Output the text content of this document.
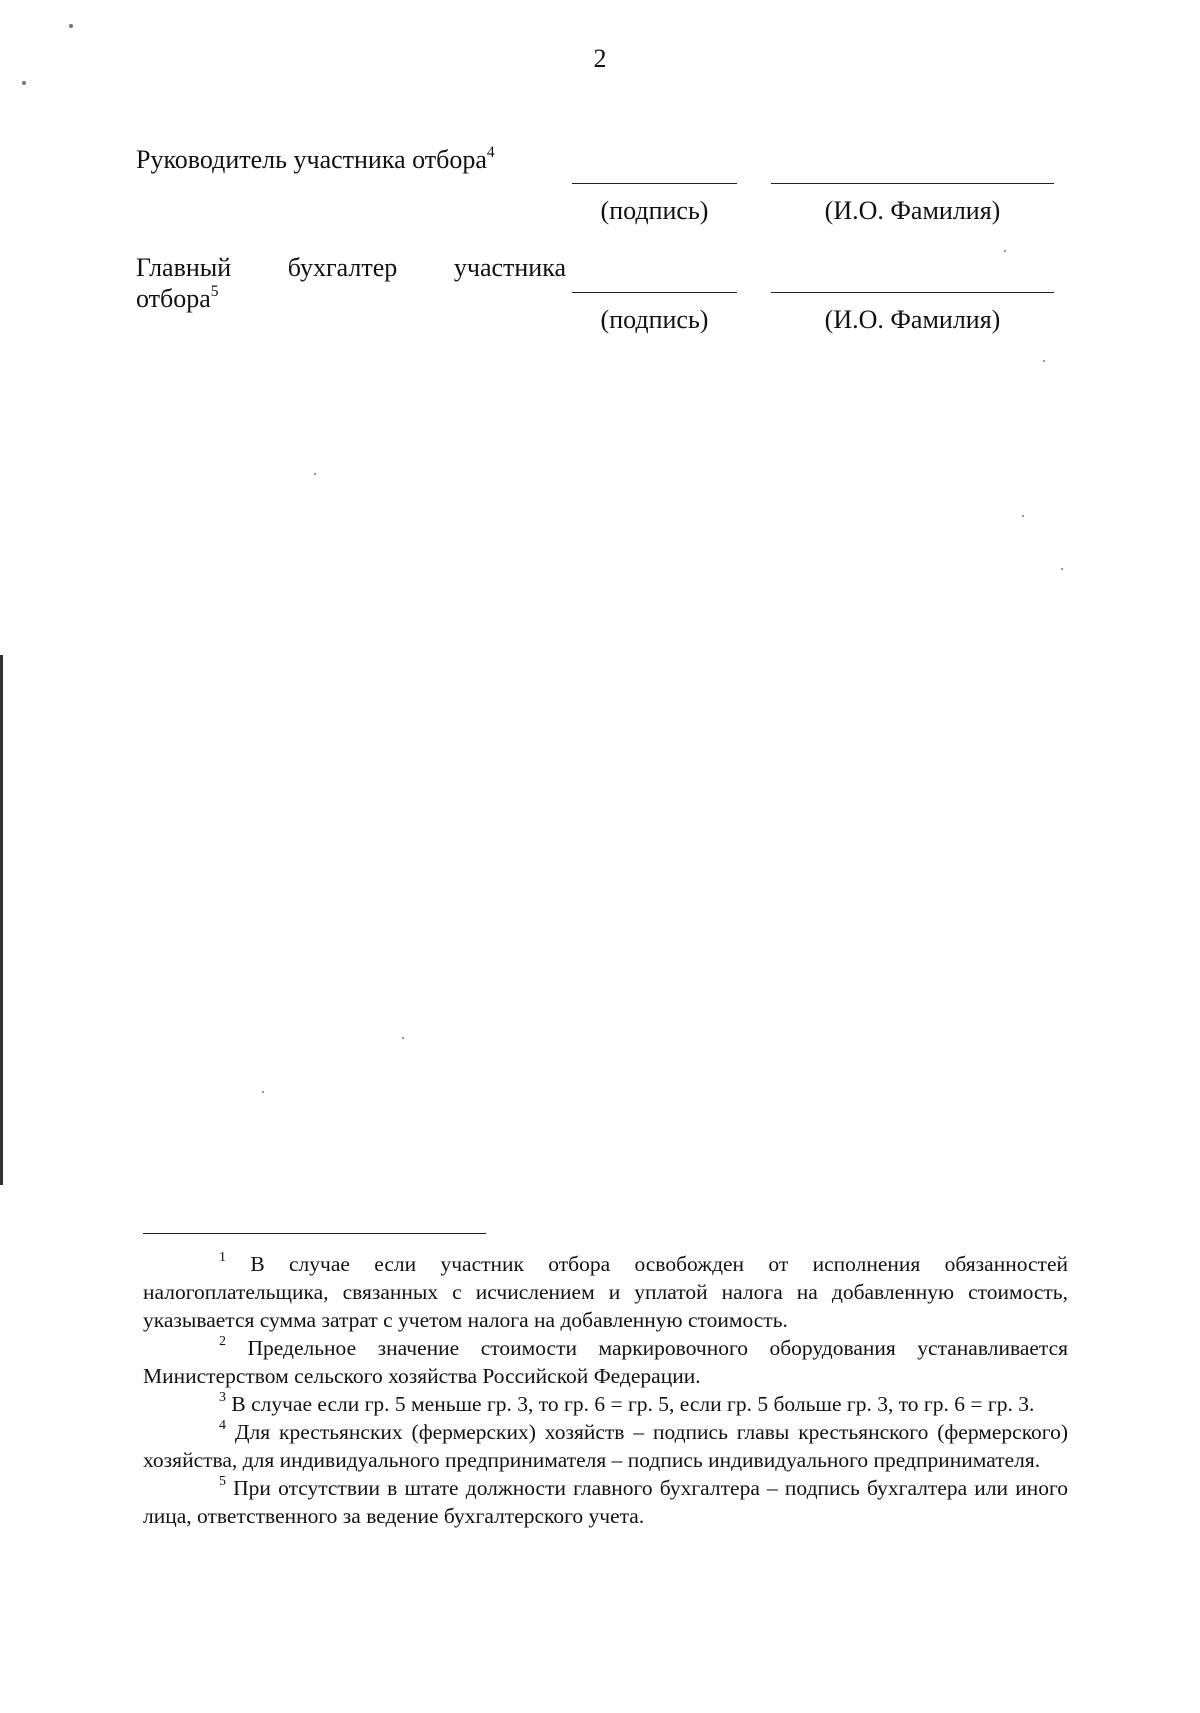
2
Руководитель участника отбора$^4$
(подпись)	(И.О. Фамилия)
Главный бухгалтер участника
отбора$^5$
(подпись)	(И.О. Фамилия)

$^1$ В случае если участник отбора освобожден от исполнения обязанностей налогоплательщика, связанных с исчислением и уплатой налога на добавленную стоимость, указывается сумма затрат с учетом налога на добавленную стоимость.

$^2$ Предельное значение стоимости маркировочного оборудования устанавливается Министерством сельского хозяйства Российской Федерации.

$^3$ В случае если гр. 5 меньше гр. 3, то гр. 6 = гр. 5, если гр. 5 больше гр. 3, то гр. 6 = гр. 3.

$^4$ Для крестьянских (фермерских) хозяйств – подпись главы крестьянского (фермерского) хозяйства, для индивидуального предпринимателя – подпись индивидуального предпринимателя.

$^5$ При отсутствии в штате должности главного бухгалтера – подпись бухгалтера или иного лица, ответственного за ведение бухгалтерского учета.
